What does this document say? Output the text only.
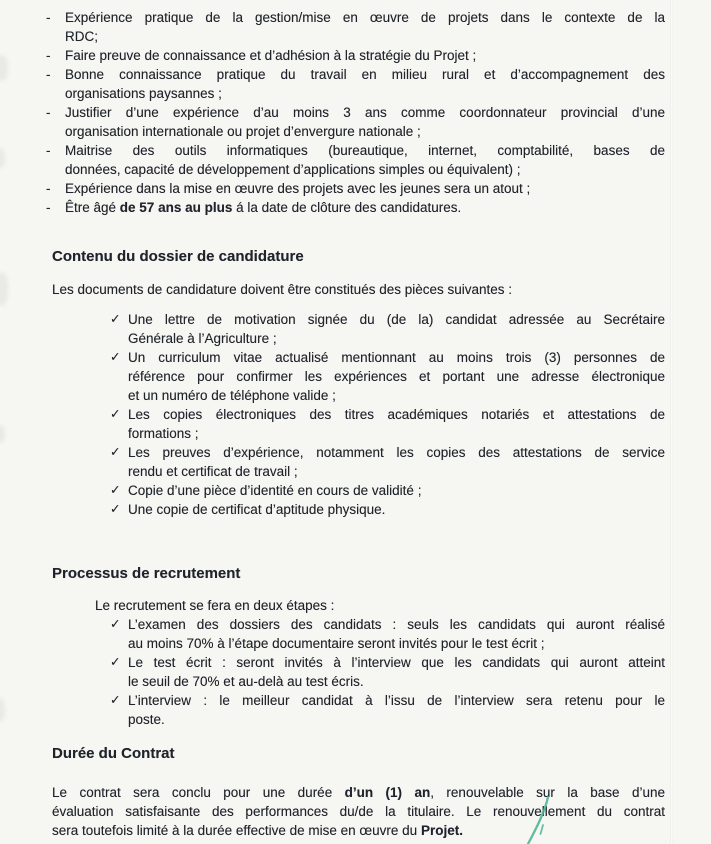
- Expérience pratique de la gestion/mise en œuvre de projets dans le contexte de la
RDC;
- Faire preuve de connaissance et d’adhésion à la stratégie du Projet ;
- Bonne connaissance pratique du travail en milieu rural et d’accompagnement des
organisations paysannes ;
- Justifier d’une expérience d’au moins 3 ans comme coordonnateur provincial d’une
organisation internationale ou projet d’envergure nationale ;
- Maitrise des outils informatiques (bureautique, internet, comptabilité, bases de
données, capacité de développement d’applications simples ou équivalent) ;
- Expérience dans la mise en œuvre des projets avec les jeunes sera un atout ;
- Être âgé de 57 ans au plus á la date de clôture des candidatures.
Contenu du dossier de candidature
Les documents de candidature doivent être constitués des pièces suivantes :
✓ Une lettre de motivation signée du (de la) candidat adressée au Secrétaire
Générale à l’Agriculture ;
✓ Un curriculum vitae actualisé mentionnant au moins trois (3) personnes de
référence pour confirmer les expériences et portant une adresse électronique
et un numéro de téléphone valide ;
✓ Les copies électroniques des titres académiques notariés et attestations de
formations ;
✓ Les preuves d’expérience, notamment les copies des attestations de service
rendu et certificat de travail ;
✓ Copie d’une pièce d’identité en cours de validité ;
✓ Une copie de certificat d’aptitude physique.
Processus de recrutement
Le recrutement se fera en deux étapes :
✓ L’examen des dossiers des candidats : seuls les candidats qui auront réalisé
au moins 70% à l’étape documentaire seront invités pour le test écrit ;
✓ Le test écrit : seront invités à l’interview que les candidats qui auront atteint
le seuil de 70% et au-delà au test écris.
✓ L’interview : le meilleur candidat à l’issu de l’interview sera retenu pour le
poste.
Durée du Contrat
Le contrat sera conclu pour une durée d’un (1) an, renouvelable sur la base d’une
évaluation satisfaisante des performances du/de la titulaire. Le renouvellement du contrat
sera toutefois limité à la durée effective de mise en œuvre du Projet.
